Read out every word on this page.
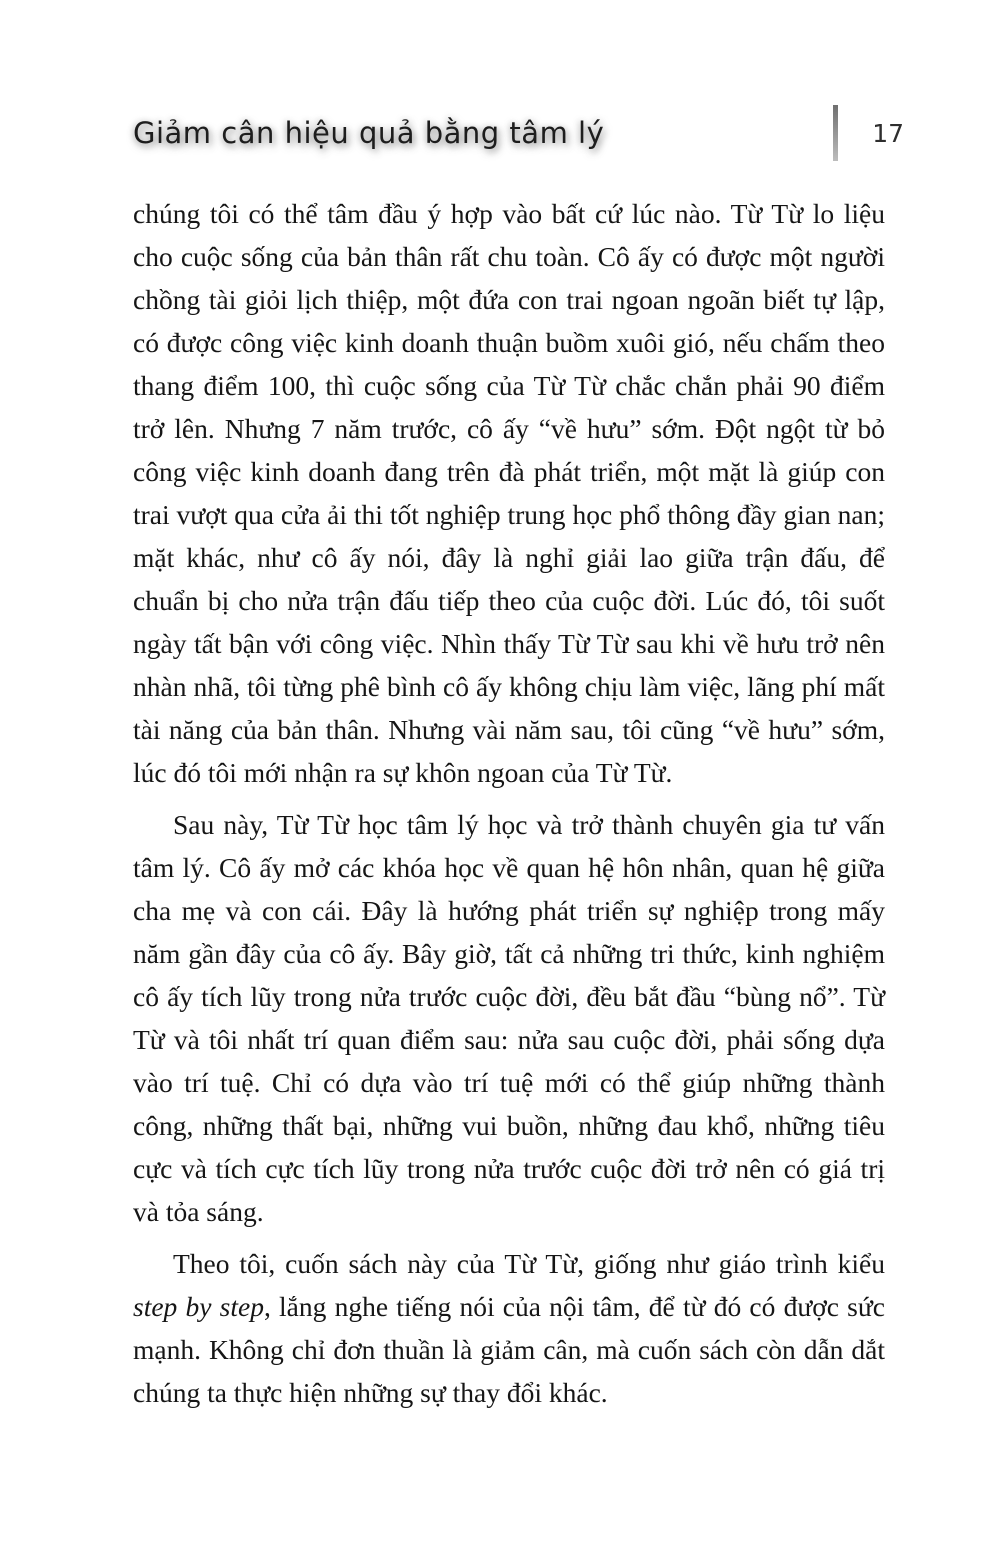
Giảm cân hiệu quả bằng tâm lý	17

chúng tôi có thể tâm đầu ý hợp vào bất cứ lúc nào. Từ Từ lo liệu cho cuộc sống của bản thân rất chu toàn. Cô ấy có được một người chồng tài giỏi lịch thiệp, một đứa con trai ngoan ngoãn biết tự lập, có được công việc kinh doanh thuận buồm xuôi gió, nếu chấm theo thang điểm 100, thì cuộc sống của Từ Từ chắc chắn phải 90 điểm trở lên. Nhưng 7 năm trước, cô ấy “về hưu” sớm. Đột ngột từ bỏ công việc kinh doanh đang trên đà phát triển, một mặt là giúp con trai vượt qua cửa ải thi tốt nghiệp trung học phổ thông đầy gian nan; mặt khác, như cô ấy nói, đây là nghỉ giải lao giữa trận đấu, để chuẩn bị cho nửa trận đấu tiếp theo của cuộc đời. Lúc đó, tôi suốt ngày tất bận với công việc. Nhìn thấy Từ Từ sau khi về hưu trở nên nhàn nhã, tôi từng phê bình cô ấy không chịu làm việc, lãng phí mất tài năng của bản thân. Nhưng vài năm sau, tôi cũng “về hưu” sớm, lúc đó tôi mới nhận ra sự khôn ngoan của Từ Từ.

Sau này, Từ Từ học tâm lý học và trở thành chuyên gia tư vấn tâm lý. Cô ấy mở các khóa học về quan hệ hôn nhân, quan hệ giữa cha mẹ và con cái. Đây là hướng phát triển sự nghiệp trong mấy năm gần đây của cô ấy. Bây giờ, tất cả những tri thức, kinh nghiệm cô ấy tích lũy trong nửa trước cuộc đời, đều bắt đầu “bùng nổ”. Từ Từ và tôi nhất trí quan điểm sau: nửa sau cuộc đời, phải sống dựa vào trí tuệ. Chỉ có dựa vào trí tuệ mới có thể giúp những thành công, những thất bại, những vui buồn, những đau khổ, những tiêu cực và tích cực tích lũy trong nửa trước cuộc đời trở nên có giá trị và tỏa sáng.

Theo tôi, cuốn sách này của Từ Từ, giống như giáo trình kiểu step by step, lắng nghe tiếng nói của nội tâm, để từ đó có được sức mạnh. Không chỉ đơn thuần là giảm cân, mà cuốn sách còn dẫn dắt chúng ta thực hiện những sự thay đổi khác.
